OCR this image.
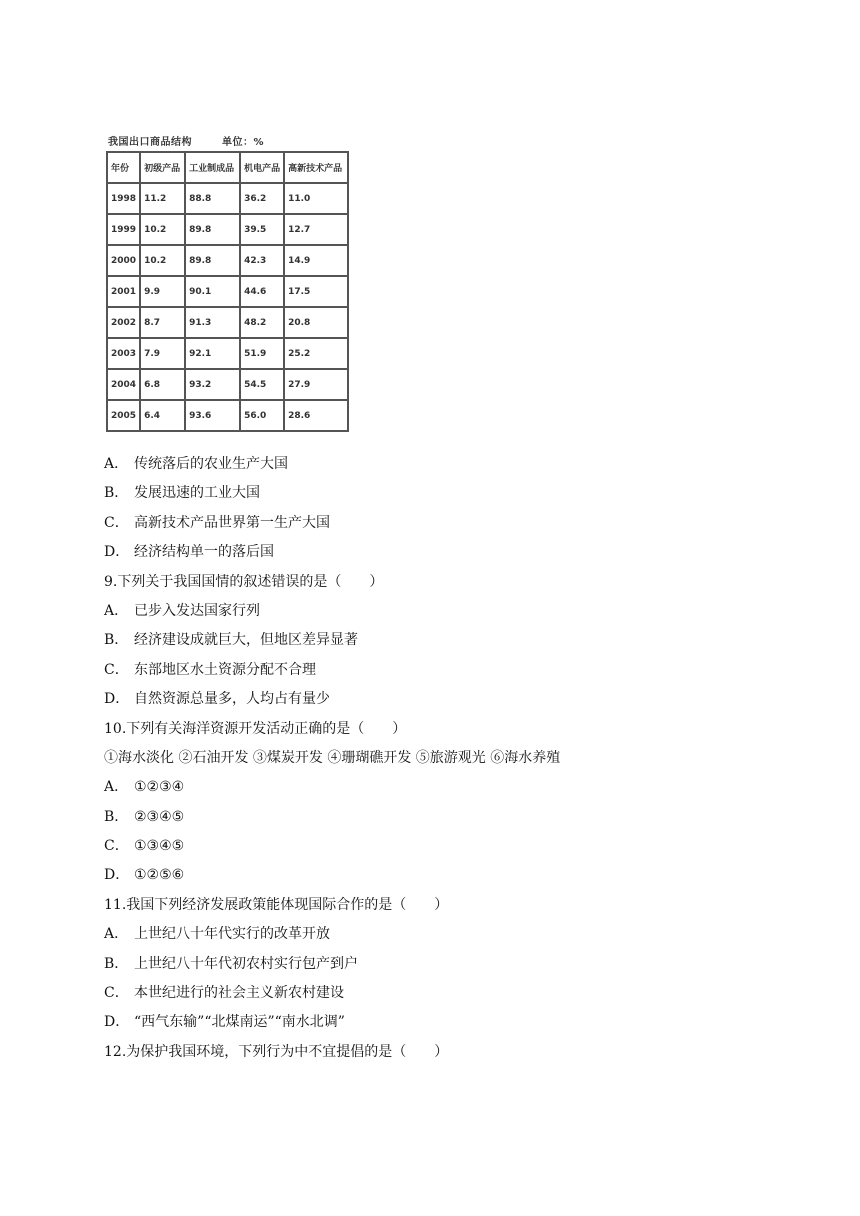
我国出口商品结构	单位：%
年份	初级产品	工业制成品	机电产品	高新技术产品
1998	11.2	88.8	36.2	11.0
1999	10.2	89.8	39.5	12.7
2000	10.2	89.8	42.3	14.9
2001	9.9	90.1	44.6	17.5
2002	8.7	91.3	48.2	20.8
2003	7.9	92.1	51.9	25.2
2004	6.8	93.2	54.5	27.9
2005	6.4	93.6	56.0	28.6
A． 传统落后的农业生产大国
B． 发展迅速的工业大国
C． 高新技术产品世界第一生产大国
D． 经济结构单一的落后国
9.下列关于我国国情的叙述错误的是（　　）
A． 已步入发达国家行列
B． 经济建设成就巨大，但地区差异显著
C． 东部地区水土资源分配不合理
D． 自然资源总量多，人均占有量少
10.下列有关海洋资源开发活动正确的是（　　）
①海水淡化 ②石油开发 ③煤炭开发 ④珊瑚礁开发 ⑤旅游观光 ⑥海水养殖
A． ①②③④
B． ②③④⑤
C． ①③④⑤
D． ①②⑤⑥
11.我国下列经济发展政策能体现国际合作的是（　　）
A． 上世纪八十年代实行的改革开放
B． 上世纪八十年代初农村实行包产到户
C． 本世纪进行的社会主义新农村建设
D． “西气东输”“北煤南运”“南水北调”
12.为保护我国环境，下列行为中不宜提倡的是（　　）
